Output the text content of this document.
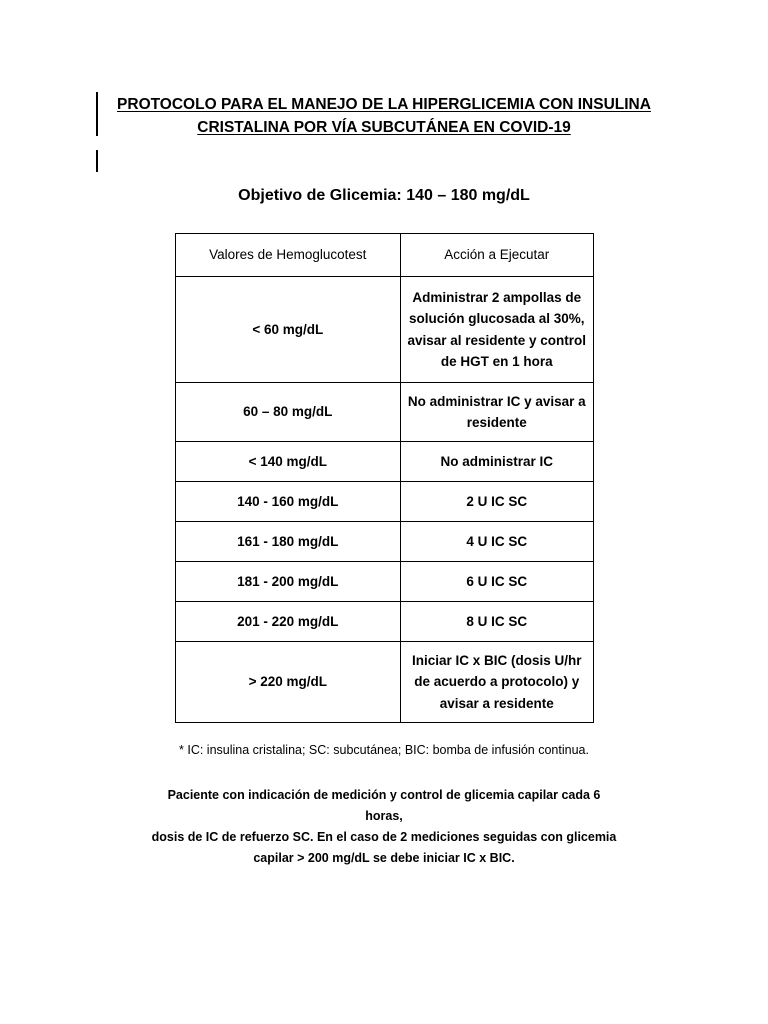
PROTOCOLO PARA EL MANEJO DE LA HIPERGLICEMIA CON INSULINA
CRISTALINA POR VÍA SUBCUTÁNEA EN COVID-19
Objetivo de Glicemia: 140 – 180 mg/dL
Valores de Hemoglucotest	Acción a Ejecutar
< 60 mg/dL	Administrar 2 ampollas de solución glucosada al 30%, avisar al residente y control de HGT en 1 hora
60 – 80 mg/dL	No administrar IC y avisar a residente
< 140 mg/dL	No administrar IC
140 - 160 mg/dL	2 U IC SC
161 - 180 mg/dL	4 U IC SC
181 - 200 mg/dL	6 U IC SC
201 - 220 mg/dL	8 U IC SC
> 220 mg/dL	Iniciar IC x BIC (dosis U/hr de acuerdo a protocolo) y avisar a residente
* IC: insulina cristalina; SC: subcutánea; BIC: bomba de infusión continua.
Paciente con indicación de medición y control de glicemia capilar cada 6 horas,
dosis de IC de refuerzo SC. En el caso de 2 mediciones seguidas con glicemia
capilar > 200 mg/dL se debe iniciar IC x BIC.
